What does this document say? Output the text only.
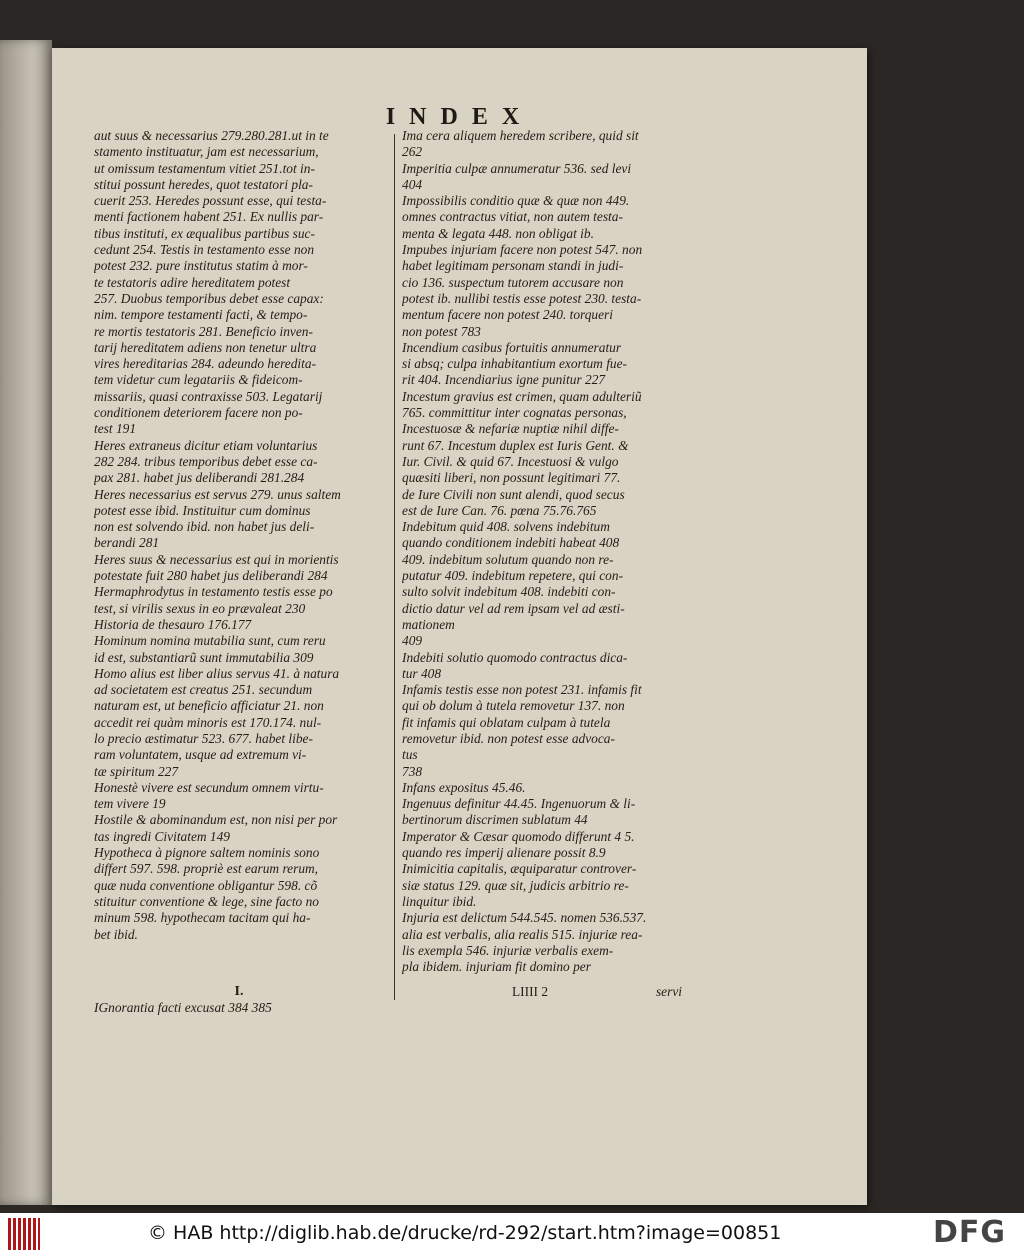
INDEX
aut suus & necessarius 279.280.281.ut in te
stamento instituatur, jam est necessarium,
ut omissum testamentum vitiet 251.tot in-
stitui possunt heredes, quot testatori pla-
cuerit 253. Heredes possunt esse, qui testa-
menti factionem habent 251. Ex nullis par-
tibus instituti, ex æqualibus partibus suc-
cedunt 254. Testis in testamento esse non
potest 232. pure institutus statim à mor-
te testatoris adire hereditatem potest
257. Duobus temporibus debet esse capax:
nim. tempore testamenti facti, & tempo-
re mortis testatoris 281. Beneficio inven-
tarij hereditatem adiens non tenetur ultra
vires hereditarias 284. adeundo heredita-
tem videtur cum legatariis & fideicom-
missariis, quasi contraxisse 503. Legatarij
conditionem deteriorem facere non po-
test 191
Heres extraneus dicitur etiam voluntarius
282 284. tribus temporibus debet esse ca-
pax 281. habet jus deliberandi 281.284
Heres necessarius est servus 279. unus saltem
potest esse ibid. Instituitur cum dominus
non est solvendo ibid. non habet jus deli-
berandi 281
Heres suus & necessarius est qui in morientis
potestate fuit 280 habet jus deliberandi 284
Hermaphrodytus in testamento testis esse po
test, si virilis sexus in eo prævaleat 230
Historia de thesauro 176.177
Hominum nomina mutabilia sunt, cum reru
id est, substantiarũ sunt immutabilia 309
Homo alius est liber alius servus 41. à natura
ad societatem est creatus 251. secundum
naturam est, ut beneficio afficiatur 21. non
accedit rei quàm minoris est 170.174. nul-
lo precio æstimatur 523. 677. habet libe-
ram voluntatem, usque ad extremum vi-
tæ spiritum 227
Honestè vivere est secundum omnem virtu-
tem vivere 19
Hostile & abominandum est, non nisi per por
tas ingredi Civitatem 149
Hypotheca à pignore saltem nominis sono
differt 597. 598. propriè est earum rerum,
quæ nuda conventione obligantur 598. cõ
stituitur conventione & lege, sine facto no
minum 598. hypothecam tacitam qui ha-
bet ibid.
Ima cera aliquem heredem scribere, quid sit
262
Imperitia culpæ annumeratur 536. sed levi
404
Impossibilis conditio quæ & quæ non 449.
omnes contractus vitiat, non autem testa-
menta & legata 448. non obligat ib.
Impubes injuriam facere non potest 547. non
habet legitimam personam standi in judi-
cio 136. suspectum tutorem accusare non
potest ib. nullibi testis esse potest 230. testa-
mentum facere non potest 240. torqueri
non potest 783
Incendium casibus fortuitis annumeratur
si absq; culpa inhabitantium exortum fue-
rit 404. Incendiarius igne punitur 227
Incestum gravius est crimen, quam adulteriũ
765. committitur inter cognatas personas,
Incestuosæ & nefariæ nuptiæ nihil diffe-
runt 67. Incestum duplex est Iuris Gent. &
Iur. Civil. & quid 67. Incestuosi & vulgo
quæsiti liberi, non possunt legitimari 77.
de Iure Civili non sunt alendi, quod secus
est de Iure Can. 76. pœna 75.76.765
Indebitum quid 408. solvens indebitum
quando conditionem indebiti habeat 408
409. indebitum solutum quando non re-
putatur 409. indebitum repetere, qui con-
sulto solvit indebitum 408. indebiti con-
dictio datur vel ad rem ipsam vel ad æsti-
mationem
409
Indebiti solutio quomodo contractus dica-
tur 408
Infamis testis esse non potest 231. infamis fit
qui ob dolum à tutela removetur 137. non
fit infamis qui oblatam culpam à tutela
removetur ibid. non potest esse advoca-
tus
738
Infans expositus 45.46.
Ingenuus definitur 44.45. Ingenuorum & li-
bertinorum discrimen sublatum 44
Imperator & Cæsar quomodo differunt 4 5.
quando res imperij alienare possit 8.9
Inimicitia capitalis, æquiparatur controver-
siæ status 129. quæ sit, judicis arbitrio re-
linquitur ibid.
Injuria est delictum 544.545. nomen 536.537.
alia est verbalis, alia realis 515. injuriæ rea-
lis exempla 546. injuriæ verbalis exem-
pla ibidem. injuriam fit domino per
I.
IGnorantia facti excusat 384 385
LIIII 2	servi
© HAB http://diglib.hab.de/drucke/rd-292/start.htm?image=00851	DFG
